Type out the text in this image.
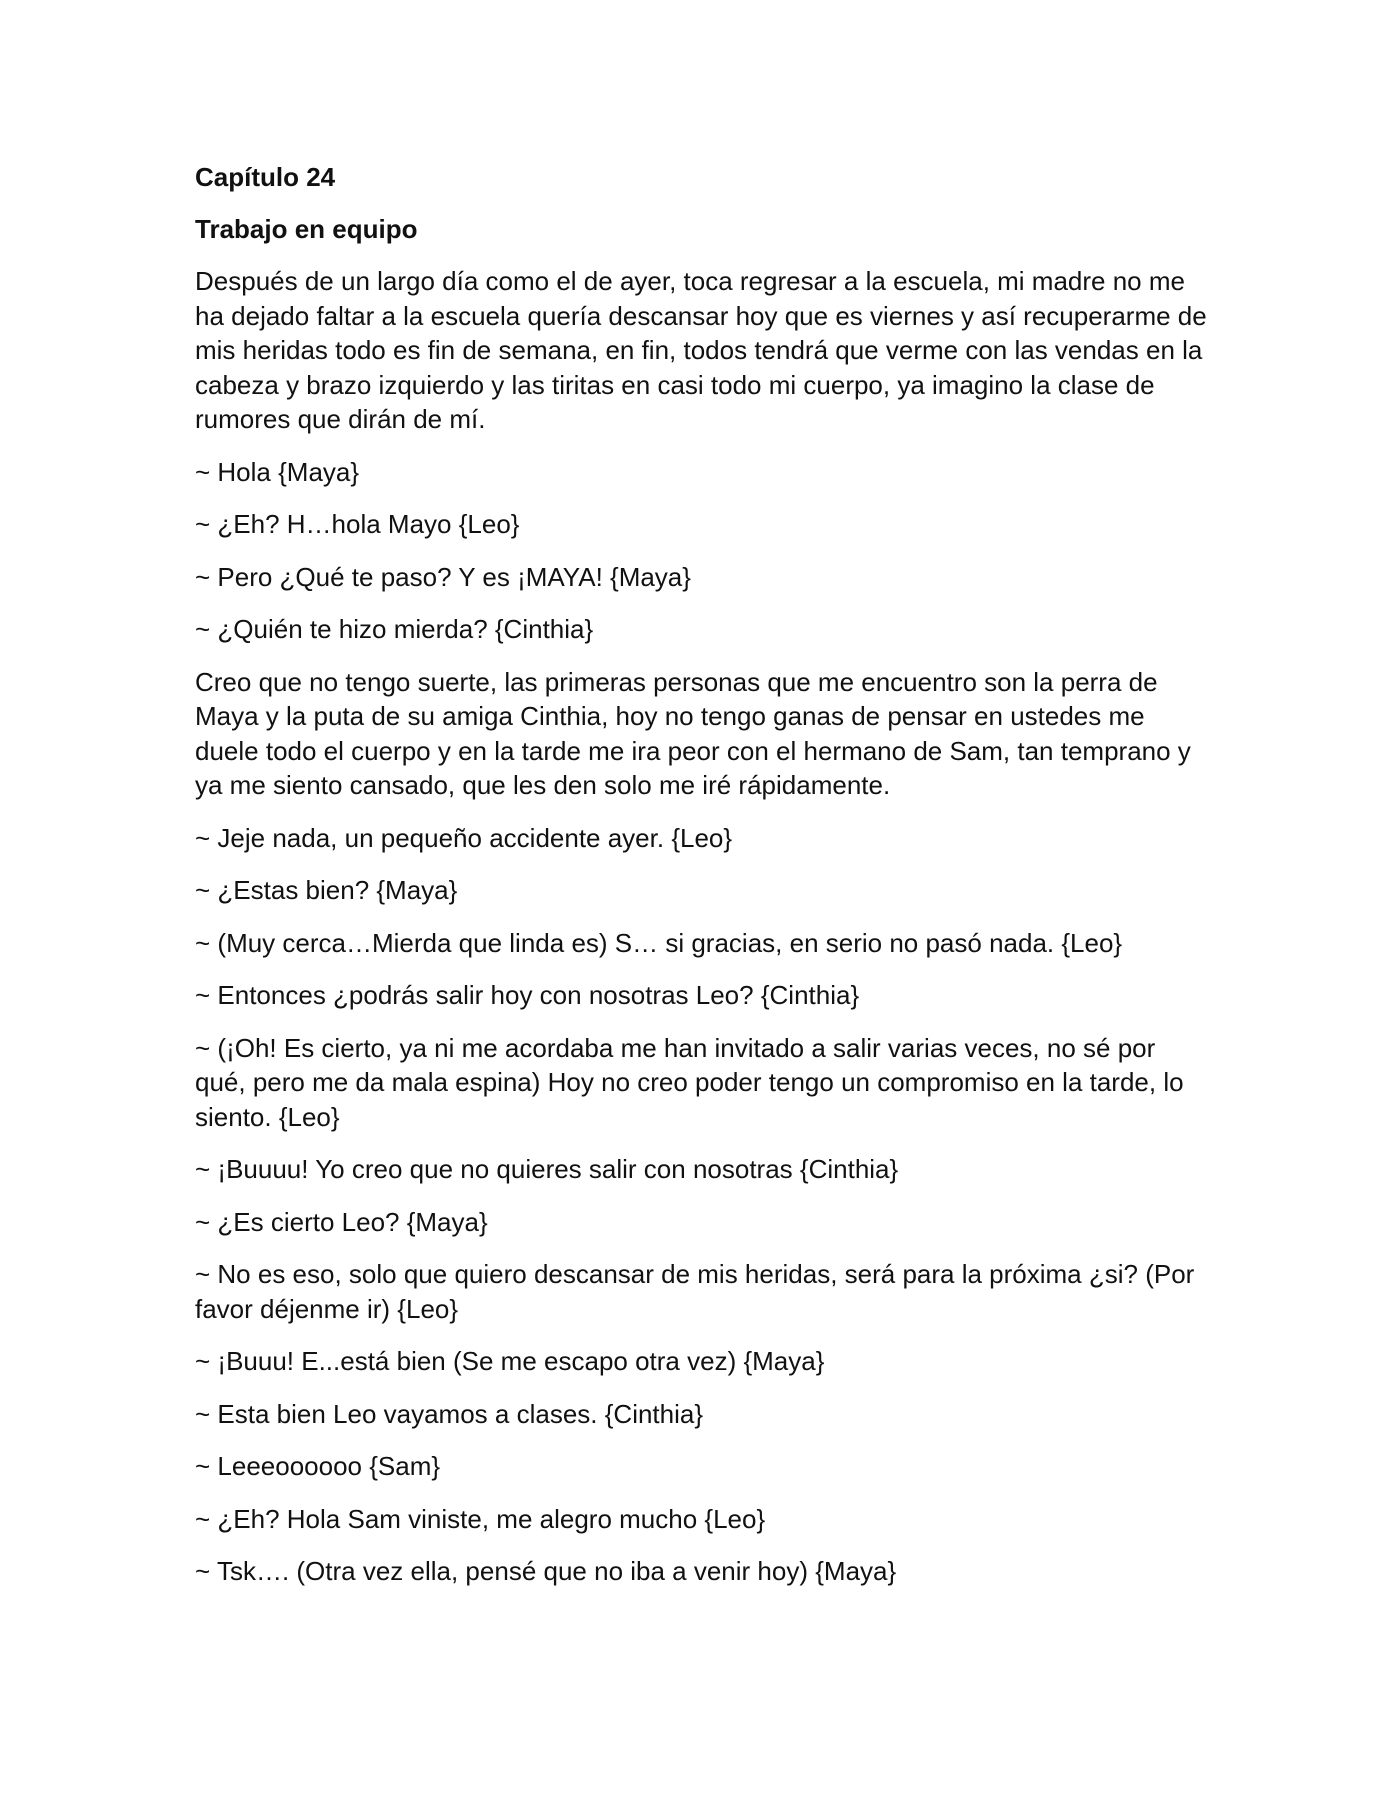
Capítulo 24
Trabajo en equipo

Después de un largo día como el de ayer, toca regresar a la escuela, mi madre no me ha dejado faltar a la escuela quería descansar hoy que es viernes y así recuperarme de mis heridas todo es fin de semana, en fin, todos tendrá que verme con las vendas en la cabeza y brazo izquierdo y las tiritas en casi todo mi cuerpo, ya imagino la clase de rumores que dirán de mí.

~ Hola {Maya}

~ ¿Eh? H…hola Mayo {Leo}

~ Pero ¿Qué te paso? Y es ¡MAYA! {Maya}

~ ¿Quién te hizo mierda? {Cinthia}

Creo que no tengo suerte, las primeras personas que me encuentro son la perra de Maya y la puta de su amiga Cinthia, hoy no tengo ganas de pensar en ustedes me duele todo el cuerpo y en la tarde me ira peor con el hermano de Sam, tan temprano y ya me siento cansado, que les den solo me iré rápidamente.

~ Jeje nada, un pequeño accidente ayer. {Leo}

~ ¿Estas bien? {Maya}

~ (Muy cerca…Mierda que linda es) S… si gracias, en serio no pasó nada. {Leo}

~ Entonces ¿podrás salir hoy con nosotras Leo? {Cinthia}

~ (¡Oh! Es cierto, ya ni me acordaba me han invitado a salir varias veces, no sé por qué, pero me da mala espina) Hoy no creo poder tengo un compromiso en la tarde, lo siento. {Leo}

~ ¡Buuuu! Yo creo que no quieres salir con nosotras {Cinthia}

~ ¿Es cierto Leo? {Maya}

~ No es eso, solo que quiero descansar de mis heridas, será para la próxima ¿si? (Por favor déjenme ir) {Leo}

~ ¡Buuu! E...está bien (Se me escapo otra vez) {Maya}

~ Esta bien Leo vayamos a clases. {Cinthia}

~ Leeeoooooo {Sam}

~ ¿Eh? Hola Sam viniste, me alegro mucho {Leo}

~ Tsk…. (Otra vez ella, pensé que no iba a venir hoy) {Maya}
